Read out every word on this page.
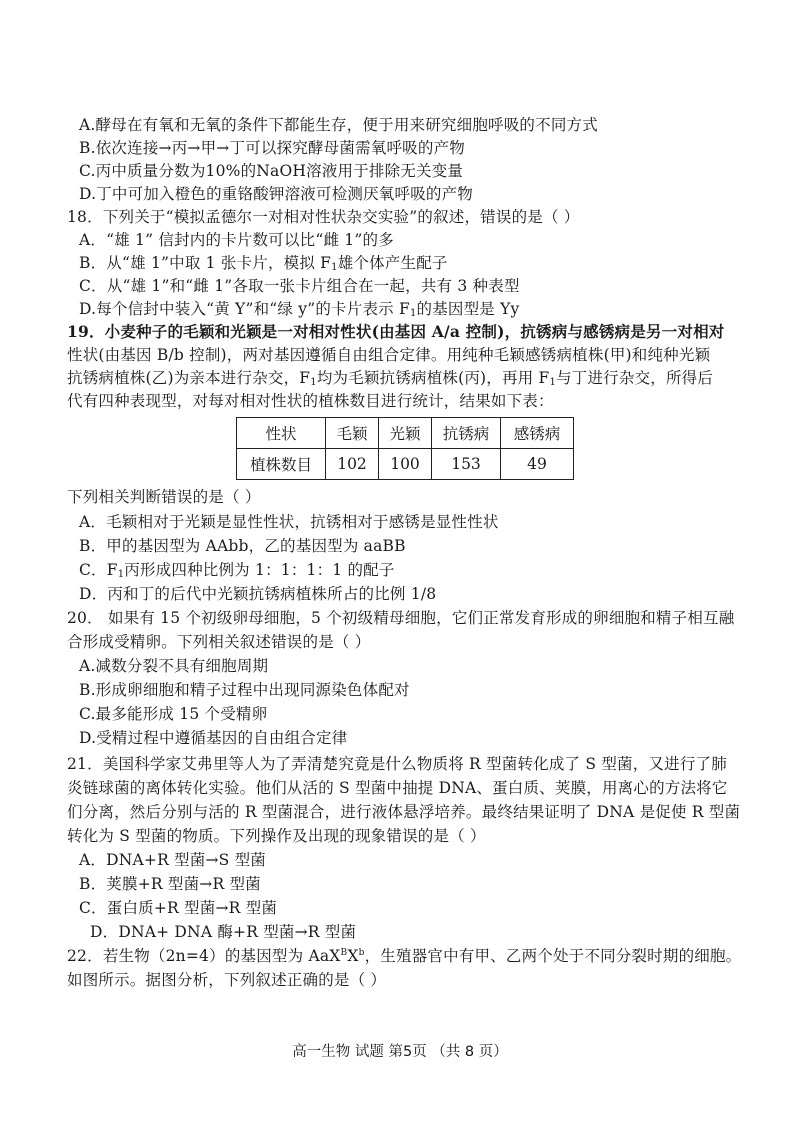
A.酵母在有氧和无氧的条件下都能生存，便于用来研究细胞呼吸的不同方式
B.依次连接→丙→甲→丁可以探究酵母菌需氧呼吸的产物
C.丙中质量分数为10%的NaOH溶液用于排除无关变量
D.丁中可加入橙色的重铬酸钾溶液可检测厌氧呼吸的产物
18．下列关于“模拟孟德尔一对相对性状杂交实验”的叙述，错误的是（ ）
A．“雄 1” 信封内的卡片数可以比“雌 1”的多
B．从“雄 1”中取 1 张卡片，模拟 $F_1$雄个体产生配子
C．从“雄 1”和“雌 1”各取一张卡片组合在一起，共有 3 种表型
D.每个信封中装入“黄 Y”和“绿 y”的卡片表示 $F_1$的基因型是 Yy
19．小麦种子的毛颖和光颖是一对相对性状(由基因 A/a 控制)，抗锈病与感锈病是另一对相对
性状(由基因 B/b 控制)，两对基因遵循自由组合定律。用纯种毛颖感锈病植株(甲)和纯种光颖
抗锈病植株(乙)为亲本进行杂交，$F_1$均为毛颖抗锈病植株(丙)，再用 $F_1$与丁进行杂交，所得后
代有四种表现型，对每对相对性状的植株数目进行统计，结果如下表：
性状	毛颖	光颖	抗锈病	感锈病
植株数目	102	100	153	49
下列相关判断错误的是（ ）
A．毛颖相对于光颖是显性性状，抗锈相对于感锈是显性性状
B．甲的基因型为 AAbb，乙的基因型为 aaBB
C．$F_1$丙形成四种比例为 1：1：1：1 的配子
D．丙和丁的后代中光颖抗锈病植株所占的比例 1/8
20． 如果有 15 个初级卵母细胞，5 个初级精母细胞，它们正常发育形成的卵细胞和精子相互融
合形成受精卵。下列相关叙述错误的是（ ）
A.减数分裂不具有细胞周期
B.形成卵细胞和精子过程中出现同源染色体配对
C.最多能形成 15 个受精卵
D.受精过程中遵循基因的自由组合定律
21．美国科学家艾弗里等人为了弄清楚究竟是什么物质将 R 型菌转化成了 S 型菌，又进行了肺
炎链球菌的离体转化实验。他们从活的 S 型菌中抽提 DNA、蛋白质、荚膜，用离心的方法将它
们分离，然后分别与活的 R 型菌混合，进行液体悬浮培养。最终结果证明了 DNA 是促使 R 型菌
转化为 S 型菌的物质。下列操作及出现的现象错误的是（ ）
A．DNA+R 型菌→S 型菌
B．荚膜+R 型菌→R 型菌
C．蛋白质+R 型菌→R 型菌
D．DNA+ DNA 酶+R 型菌→R 型菌
22．若生物（2n=4）的基因型为 $AaX^BX^b$，生殖器官中有甲、乙两个处于不同分裂时期的细胞。
如图所示。据图分析，下列叙述正确的是（ ）
高一生物 试题 第5页 （共 8 页）
